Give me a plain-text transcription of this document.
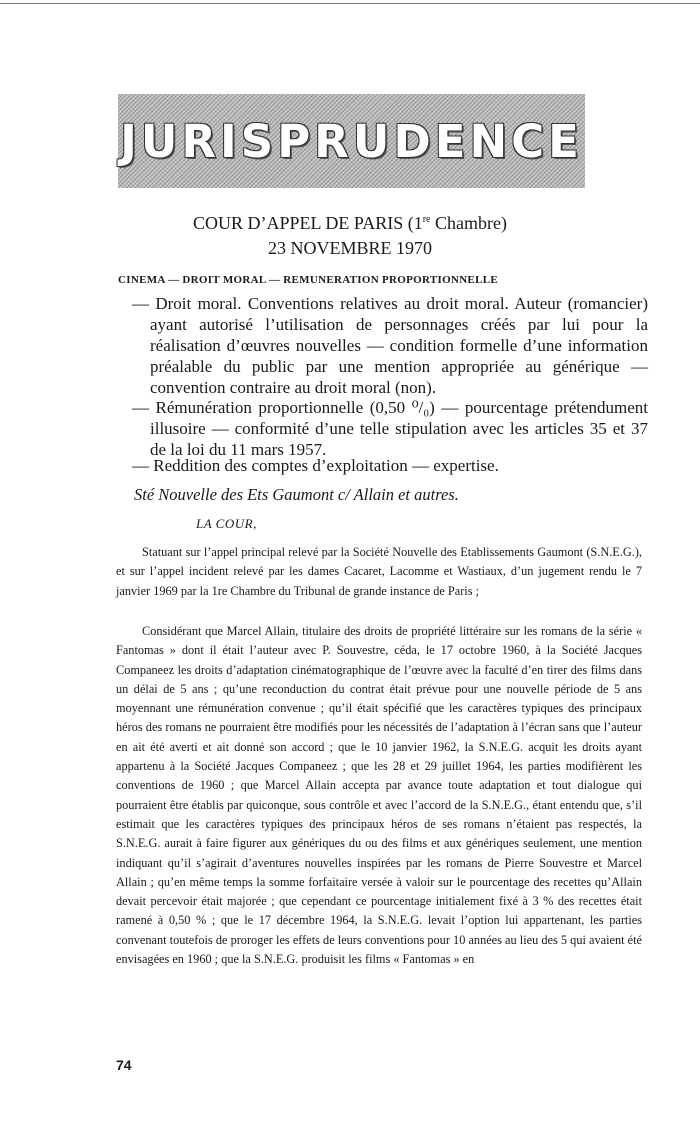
JURISPRUDENCE
COUR D’APPEL DE PARIS (1re Chambre)
23 NOVEMBRE 1970
CINEMA — DROIT MORAL — REMUNERATION PROPORTIONNELLE

— Droit moral. Conventions relatives au droit moral. Auteur (romancier) ayant autorisé l’utilisation de personnages créés par lui pour la réalisation d’œuvres nouvelles — condition formelle d’une information préalable du public par une mention appropriée au générique — convention contraire au droit moral (non).

— Rémunération proportionnelle (0,50 ⁰/₀) — pourcentage prétendument illusoire — conformité d’une telle stipulation avec les articles 35 et 37 de la loi du 11 mars 1957.

— Reddition des comptes d’exploitation — expertise.

Sté Nouvelle des Ets Gaumont c/ Allain et autres.
LA COUR,

Statuant sur l’appel principal relevé par la Société Nouvelle des Etablissements Gaumont (S.N.E.G.), et sur l’appel incident relevé par les dames Cacaret, Lacomme et Wastiaux, d’un jugement rendu le 7 janvier 1969 par la 1re Chambre du Tribunal de grande instance de Paris ;

Considérant que Marcel Allain, titulaire des droits de propriété littéraire sur les romans de la série « Fantomas » dont il était l’auteur avec P. Souvestre, céda, le 17 octobre 1960, à la Société Jacques Companeez les droits d’adaptation cinématographique de l’œuvre avec la faculté d’en tirer des films dans un délai de 5 ans ; qu’une reconduction du contrat était prévue pour une nouvelle période de 5 ans moyennant une rémunération convenue ; qu’il était spécifié que les caractères typiques des principaux héros des romans ne pourraient être modifiés pour les nécessités de l’adaptation à l’écran sans que l’auteur en ait été averti et ait donné son accord ; que le 10 janvier 1962, la S.N.E.G. acquit les droits ayant appartenu à la Société Jacques Companeez ; que les 28 et 29 juillet 1964, les parties modifièrent les conventions de 1960 ; que Marcel Allain accepta par avance toute adaptation et tout dialogue qui pourraient être établis par quiconque, sous contrôle et avec l’accord de la S.N.E.G., étant entendu que, s’il estimait que les caractères typiques des principaux héros de ses romans n’étaient pas respectés, la S.N.E.G. aurait à faire figurer aux génériques du ou des films et aux génériques seulement, une mention indiquant qu’il s’agirait d’aventures nouvelles inspirées par les romans de Pierre Souvestre et Marcel Allain ; qu’en même temps la somme forfaitaire versée à valoir sur le pourcentage des recettes qu’Allain devait percevoir était majorée ; que cependant ce pourcentage initialement fixé à 3 % des recettes était ramené à 0,50 % ; que le 17 décembre 1964, la S.N.E.G. levait l’option lui appartenant, les parties convenant toutefois de proroger les effets de leurs conventions pour 10 années au lieu des 5 qui avaient été envisagées en 1960 ; que la S.N.E.G. produisit les films « Fantomas » en

74
